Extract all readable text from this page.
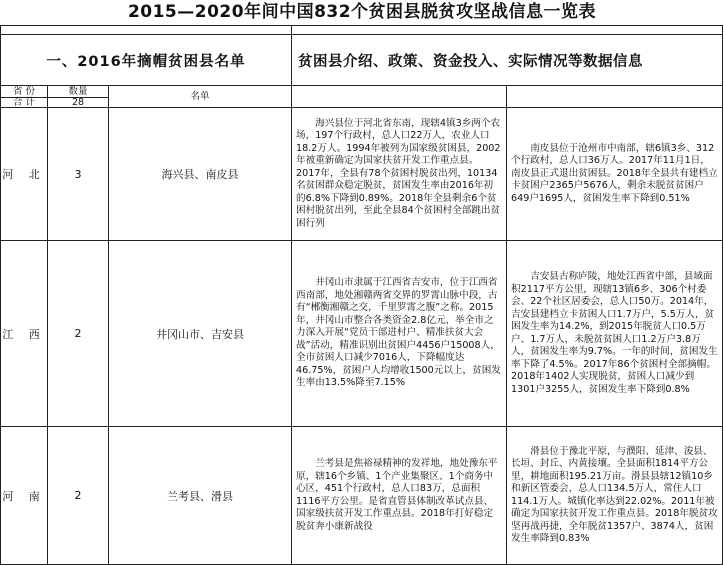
2015—2020年间中国832个贫困县脱贫攻坚战信息一览表

一、2016年摘帽贫困县名单			贫困县介绍、政策、资金投入、实际情况等数据信息	
省 份	数量	名单		
合 计	28			
河 北	3	海兴县、南皮县	海兴县位于河北省东南，现辖4镇3乡两个农场，197个行政村，总人口22万人，农业人口18.2万人。1994年被列为国家级贫困县，2002年被重新确定为国家扶贫开发工作重点县。2017年，全县有78个贫困村脱贫出列，10134名贫困群众稳定脱贫，贫困发生率由2016年初的6.8%下降到0.89%。2018年全县剩余6个贫困村脱贫出列，至此全县84个贫困村全部跳出贫困行列	南皮县位于沧州市中南部，辖6镇3乡、312个行政村，总人口36万人。2017年11月1日，南皮县正式退出贫困县。2018年全县共有建档立卡贫困户2365户5676人，剩余未脱贫贫困户649户1695人，贫困发生率下降到0.51%

江 西	2	井冈山市、吉安县	井冈山市隶属于江西省吉安市，位于江西省西南部，地处湘赣两省交界的罗霄山脉中段，古有“郴衡湘赣之交，千里罗霄之腹”之称。2015年，井冈山市整合各类资金2.8亿元，举全市之力深入开展“党员干部进村户、精准扶贫大会战”活动，精准识别出贫困户4456户15008人，全市贫困人口减少7016人，下降幅度达46.75%，贫困户人均增收1500元以上，贫困发生率由13.5%降至7.15%	吉安县古称庐陵，地处江西省中部，县域面积2117平方公里，现辖13镇6乡、306个村委会、22个社区居委会，总人口50万。2014年，吉安县建档立卡贫困人口1.7万户，5.5万人，贫困发生率为14.2%，到2015年脱贫人口0.5万户、1.7万人，未脱贫贫困人口1.2万户3.8万人，贫困发生率为9.7%。一年的时间，贫困发生率下降了4.5%。2017年86个贫困村全部摘帽。2018年1402人实现脱贫，贫困人口减少到1301户3255人，贫困发生率下降到0.8%

河 南	2	兰考县、滑县	兰考县是焦裕禄精神的发祥地，地处豫东平原，辖16个乡镇、1个产业集聚区、1个商务中心区，451个行政村，总人口83万，总面积1116平方公里。是省直管县体制改革试点县、国家级扶贫开发工作重点县。2018年打好稳定脱贫奔小康新战役	滑县位于豫北平原，与濮阳、延津、浚县、长垣、封丘、内黄接壤。全县面积1814平方公里，耕地面积195.21万亩。滑县县辖12镇10乡和新区管委会，总人口134.5万人，常住人口114.1万人。城镇化率达到22.02%。2011年被确定为国家扶贫开发工作重点县。2018年脱贫攻坚再战再捷，全年脱贫1357户、3874人，贫困发生率降到0.83%
